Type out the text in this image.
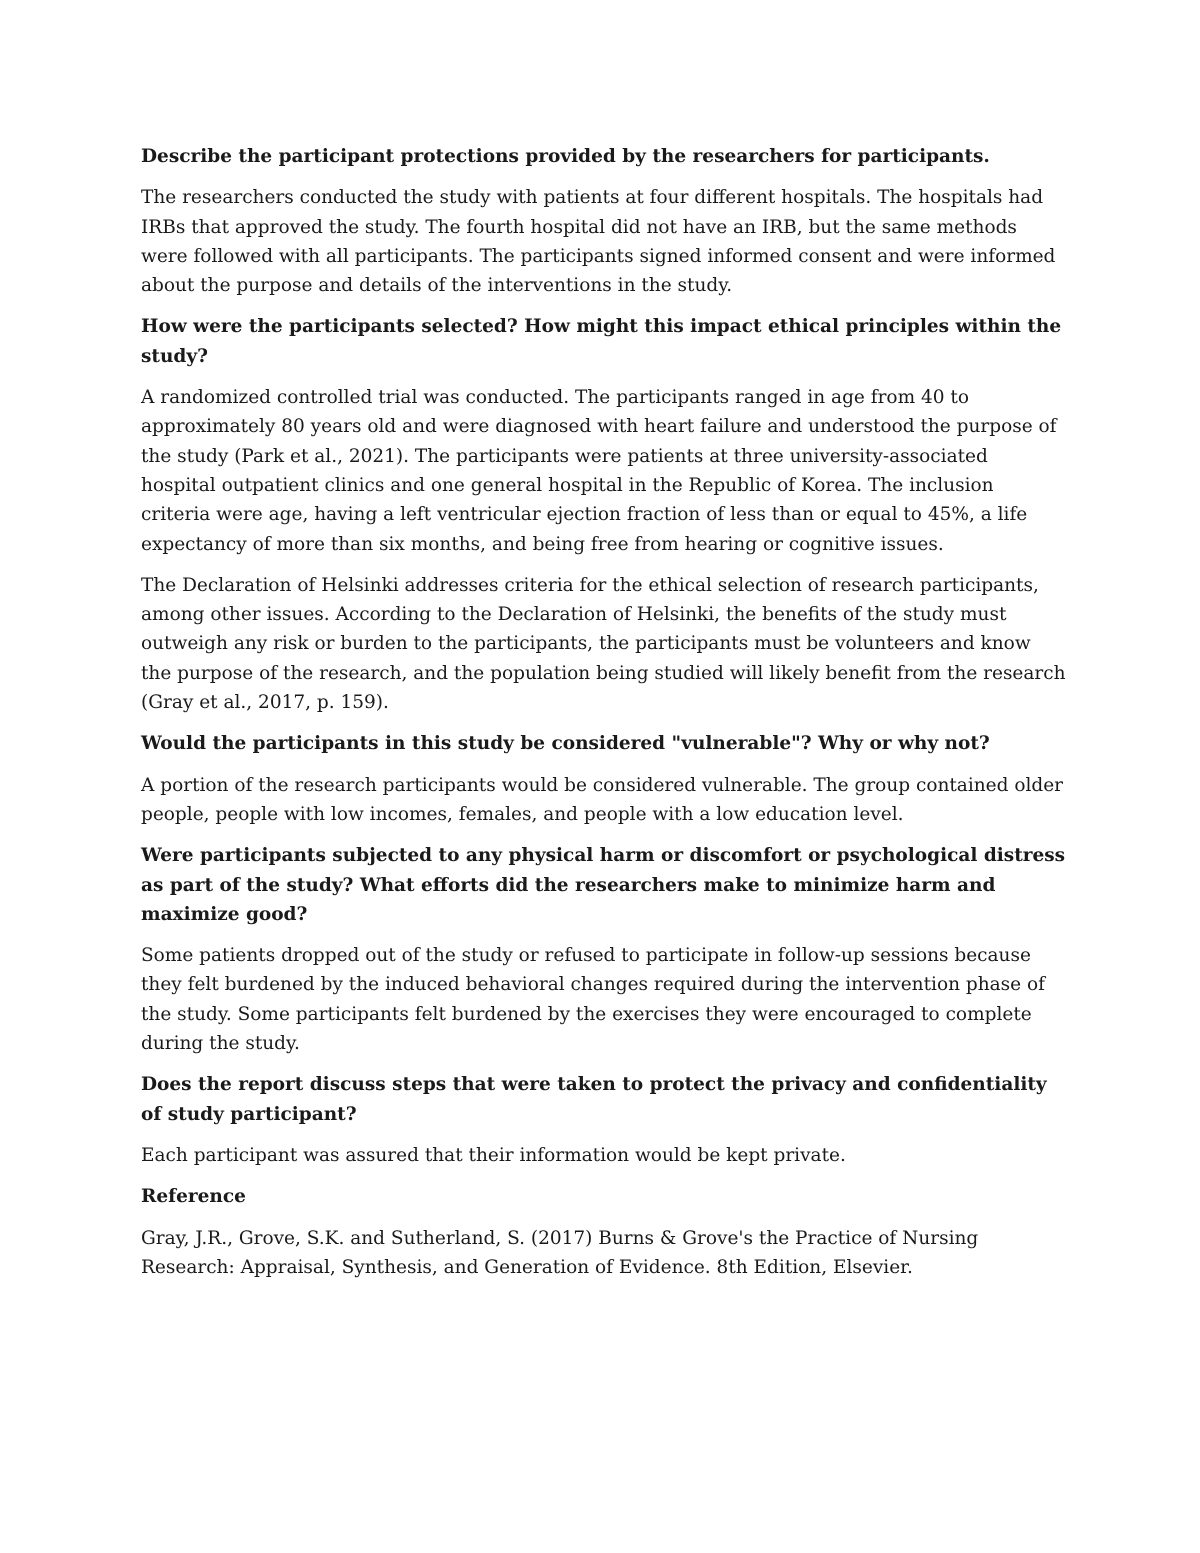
Describe the participant protections provided by the researchers for participants.
The researchers conducted the study with patients at four different hospitals. The hospitals had IRBs that approved the study. The fourth hospital did not have an IRB, but the same methods were followed with all participants. The participants signed informed consent and were informed about the purpose and details of the interventions in the study.
How were the participants selected? How might this impact ethical principles within the study?
A randomized controlled trial was conducted. The participants ranged in age from 40 to approximately 80 years old and were diagnosed with heart failure and understood the purpose of the study (Park et al., 2021). The participants were patients at three university-associated hospital outpatient clinics and one general hospital in the Republic of Korea. The inclusion criteria were age, having a left ventricular ejection fraction of less than or equal to 45%, a life expectancy of more than six months, and being free from hearing or cognitive issues.
The Declaration of Helsinki addresses criteria for the ethical selection of research participants, among other issues. According to the Declaration of Helsinki, the benefits of the study must outweigh any risk or burden to the participants, the participants must be volunteers and know the purpose of the research, and the population being studied will likely benefit from the research (Gray et al., 2017, p. 159).
Would the participants in this study be considered "vulnerable"? Why or why not?
A portion of the research participants would be considered vulnerable. The group contained older people, people with low incomes, females, and people with a low education level.
Were participants subjected to any physical harm or discomfort or psychological distress as part of the study? What efforts did the researchers make to minimize harm and maximize good?
Some patients dropped out of the study or refused to participate in follow-up sessions because they felt burdened by the induced behavioral changes required during the intervention phase of the study. Some participants felt burdened by the exercises they were encouraged to complete during the study.
Does the report discuss steps that were taken to protect the privacy and confidentiality of study participant?
Each participant was assured that their information would be kept private.
Reference
Gray, J.R., Grove, S.K. and Sutherland, S. (2017) Burns & Grove's the Practice of Nursing Research: Appraisal, Synthesis, and Generation of Evidence. 8th Edition, Elsevier.
